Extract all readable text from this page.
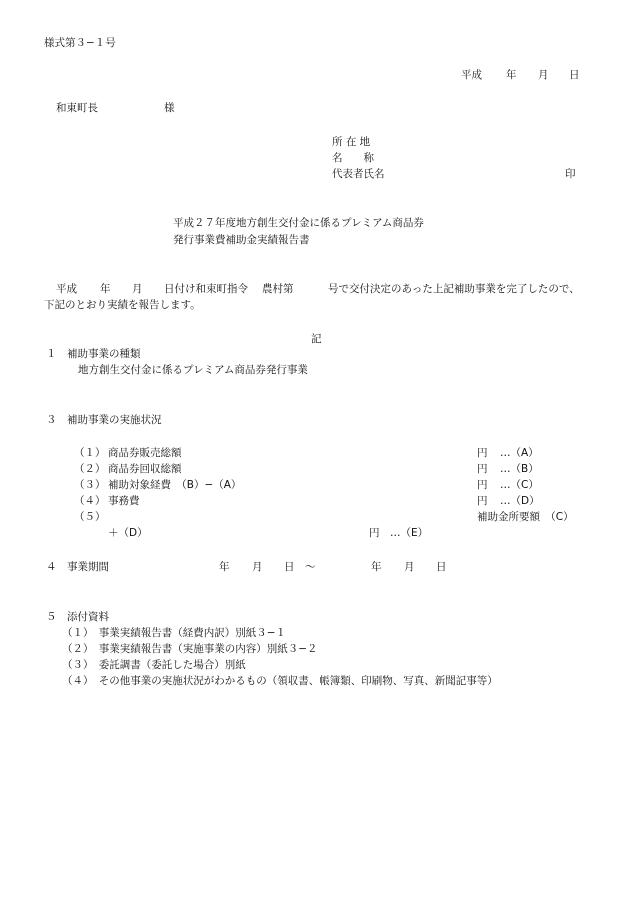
様式第３−１号
平成 年 月 日
和東町長	様
所 在 地
名　　称
代表者氏名	印
平成２７年度地方創生交付金に係るプレミアム商品券
発行事業費補助金実績報告書
平成 年 月 日付け和束町指令 農村第	号で交付決定のあった上記補助事業を完了したので、
下記のとおり実績を報告します。
記
１　補助事業の種類
地方創生交付金に係るプレミアム商品券発行事業
３　補助事業の実施状況
（１） 商品券販売総額	円 …（A）
（２） 商品券回収総額	円 …（B）
（３） 補助対象経費　（B）−（A）	円 …（C）
（４） 事務費	円 …（D）
（５）	補助金所要額　（C）
＋（D）	円 …（E）
４　事業期間	年 月 日 〜	年 月 日
５　添付資料
（１）　事業実績報告書（経費内訳）別紙３−１
（２）　事業実績報告書（実施事業の内容）別紙３−２
（３）　委託調書（委託した場合）別紙
（４）　その他事業の実施状況がわかるもの（領収書、帳簿類、印刷物、写真、新聞記事等）
